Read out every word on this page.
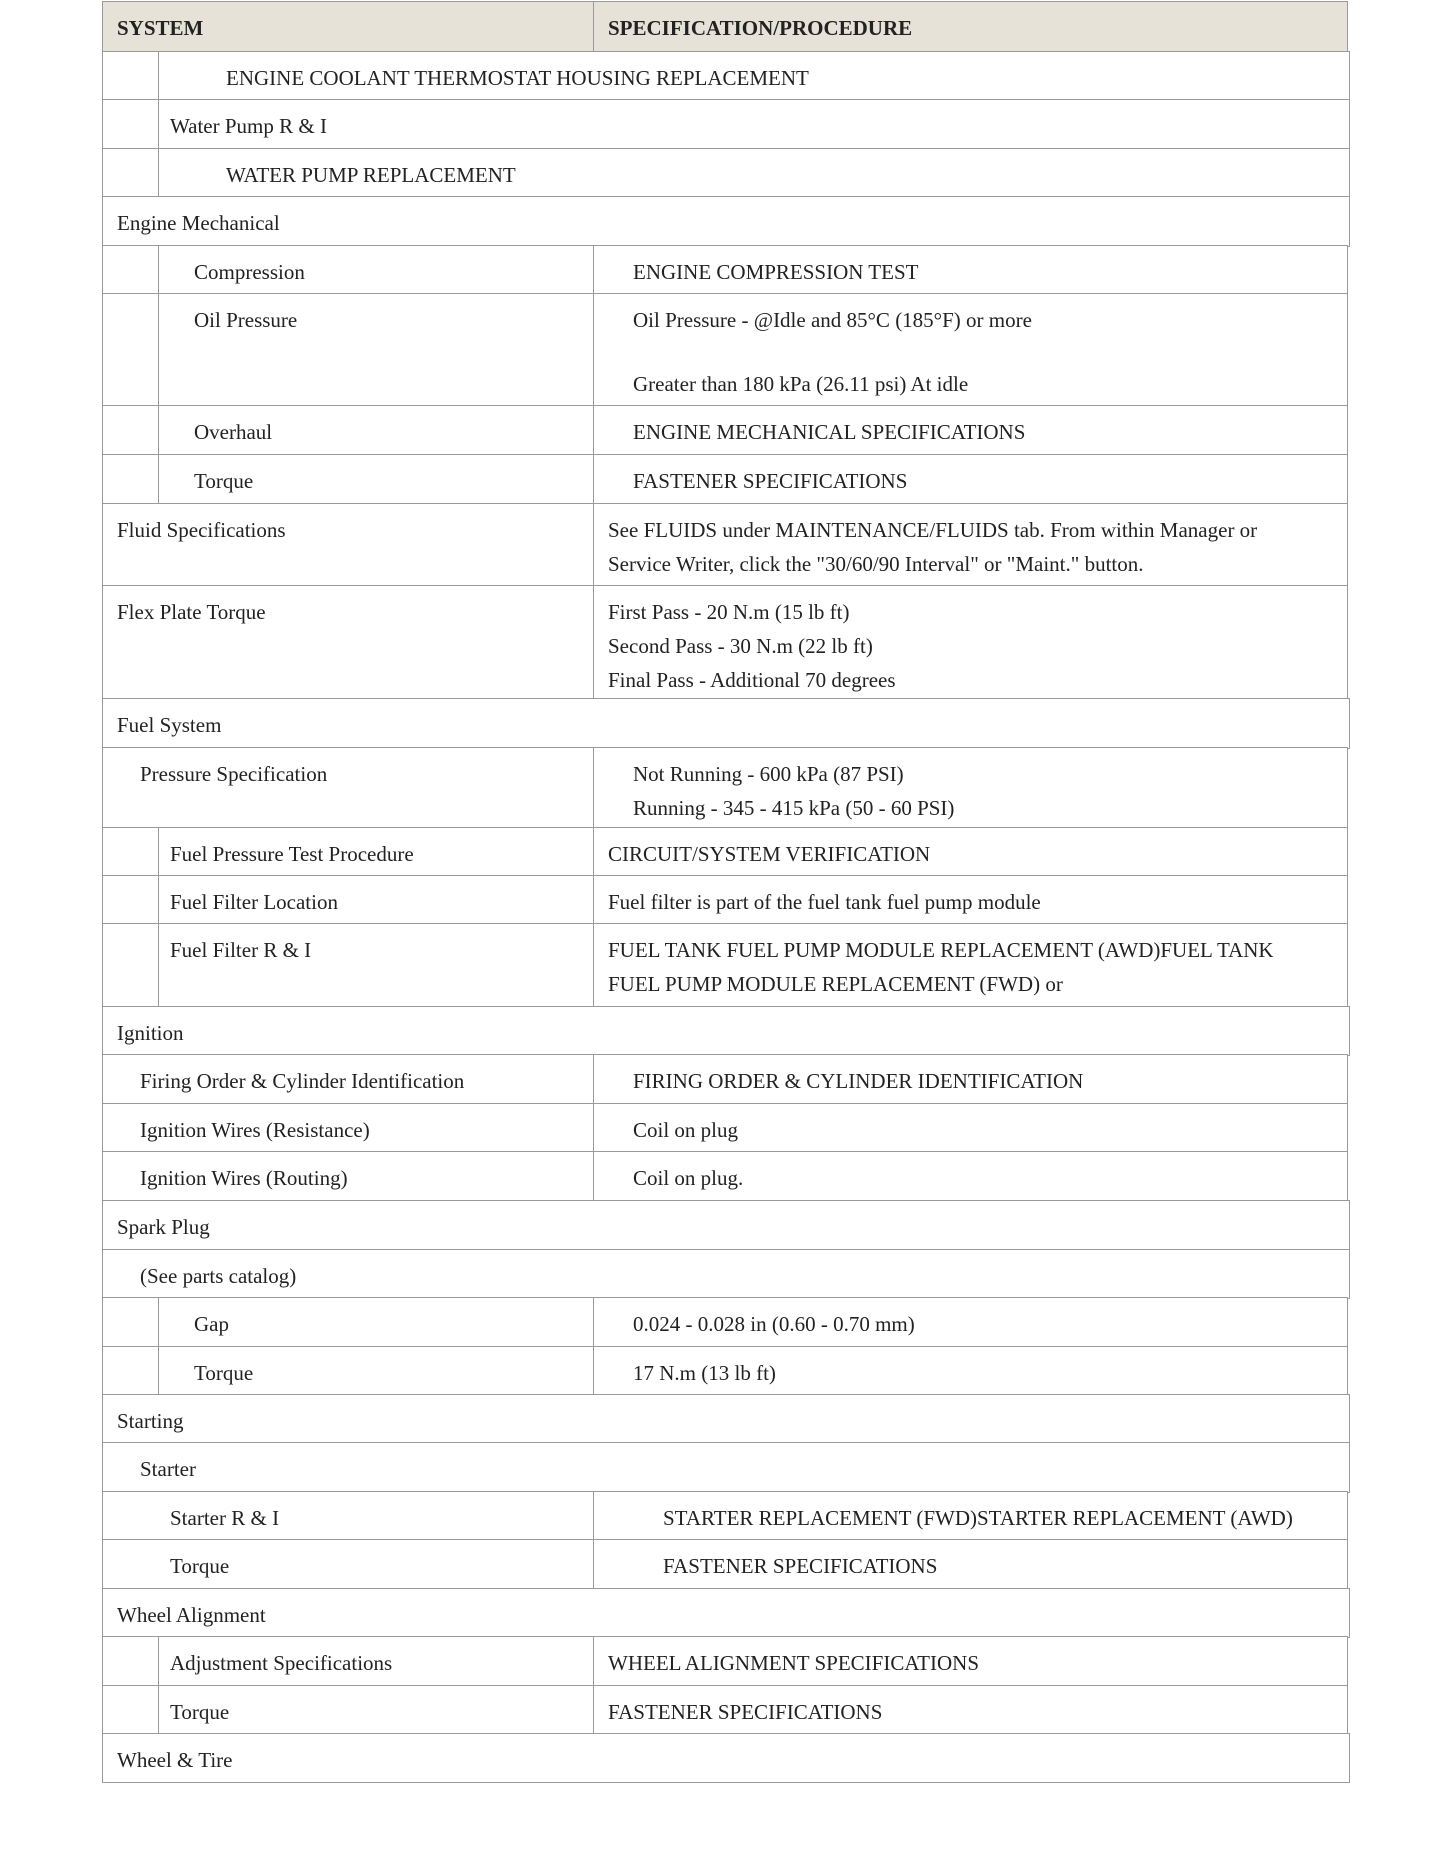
SYSTEM	SPECIFICATION/PROCEDURE
ENGINE COOLANT THERMOSTAT HOUSING REPLACEMENT
Water Pump R & I
WATER PUMP REPLACEMENT
Engine Mechanical
Compression	ENGINE COMPRESSION TEST
Oil Pressure	Oil Pressure - @Idle and 85°C (185°F) or more
Greater than 180 kPa (26.11 psi) At idle
Overhaul	ENGINE MECHANICAL SPECIFICATIONS
Torque	FASTENER SPECIFICATIONS
Fluid Specifications	See FLUIDS under MAINTENANCE/FLUIDS tab. From within Manager or
Service Writer, click the "30/60/90 Interval" or "Maint." button.
Flex Plate Torque	First Pass - 20 N.m (15 lb ft)
Second Pass - 30 N.m (22 lb ft)
Final Pass - Additional 70 degrees
Fuel System
Pressure Specification	Not Running - 600 kPa (87 PSI)
Running - 345 - 415 kPa (50 - 60 PSI)
Fuel Pressure Test Procedure	CIRCUIT/SYSTEM VERIFICATION
Fuel Filter Location	Fuel filter is part of the fuel tank fuel pump module
Fuel Filter R & I	FUEL TANK FUEL PUMP MODULE REPLACEMENT (AWD)FUEL TANK
FUEL PUMP MODULE REPLACEMENT (FWD) or
Ignition
Firing Order & Cylinder Identification	FIRING ORDER & CYLINDER IDENTIFICATION
Ignition Wires (Resistance)	Coil on plug
Ignition Wires (Routing)	Coil on plug.
Spark Plug
(See parts catalog)
Gap	0.024 - 0.028 in (0.60 - 0.70 mm)
Torque	17 N.m (13 lb ft)
Starting
Starter
Starter R & I	STARTER REPLACEMENT (FWD)STARTER REPLACEMENT (AWD)
Torque	FASTENER SPECIFICATIONS
Wheel Alignment
Adjustment Specifications	WHEEL ALIGNMENT SPECIFICATIONS
Torque	FASTENER SPECIFICATIONS
Wheel & Tire
